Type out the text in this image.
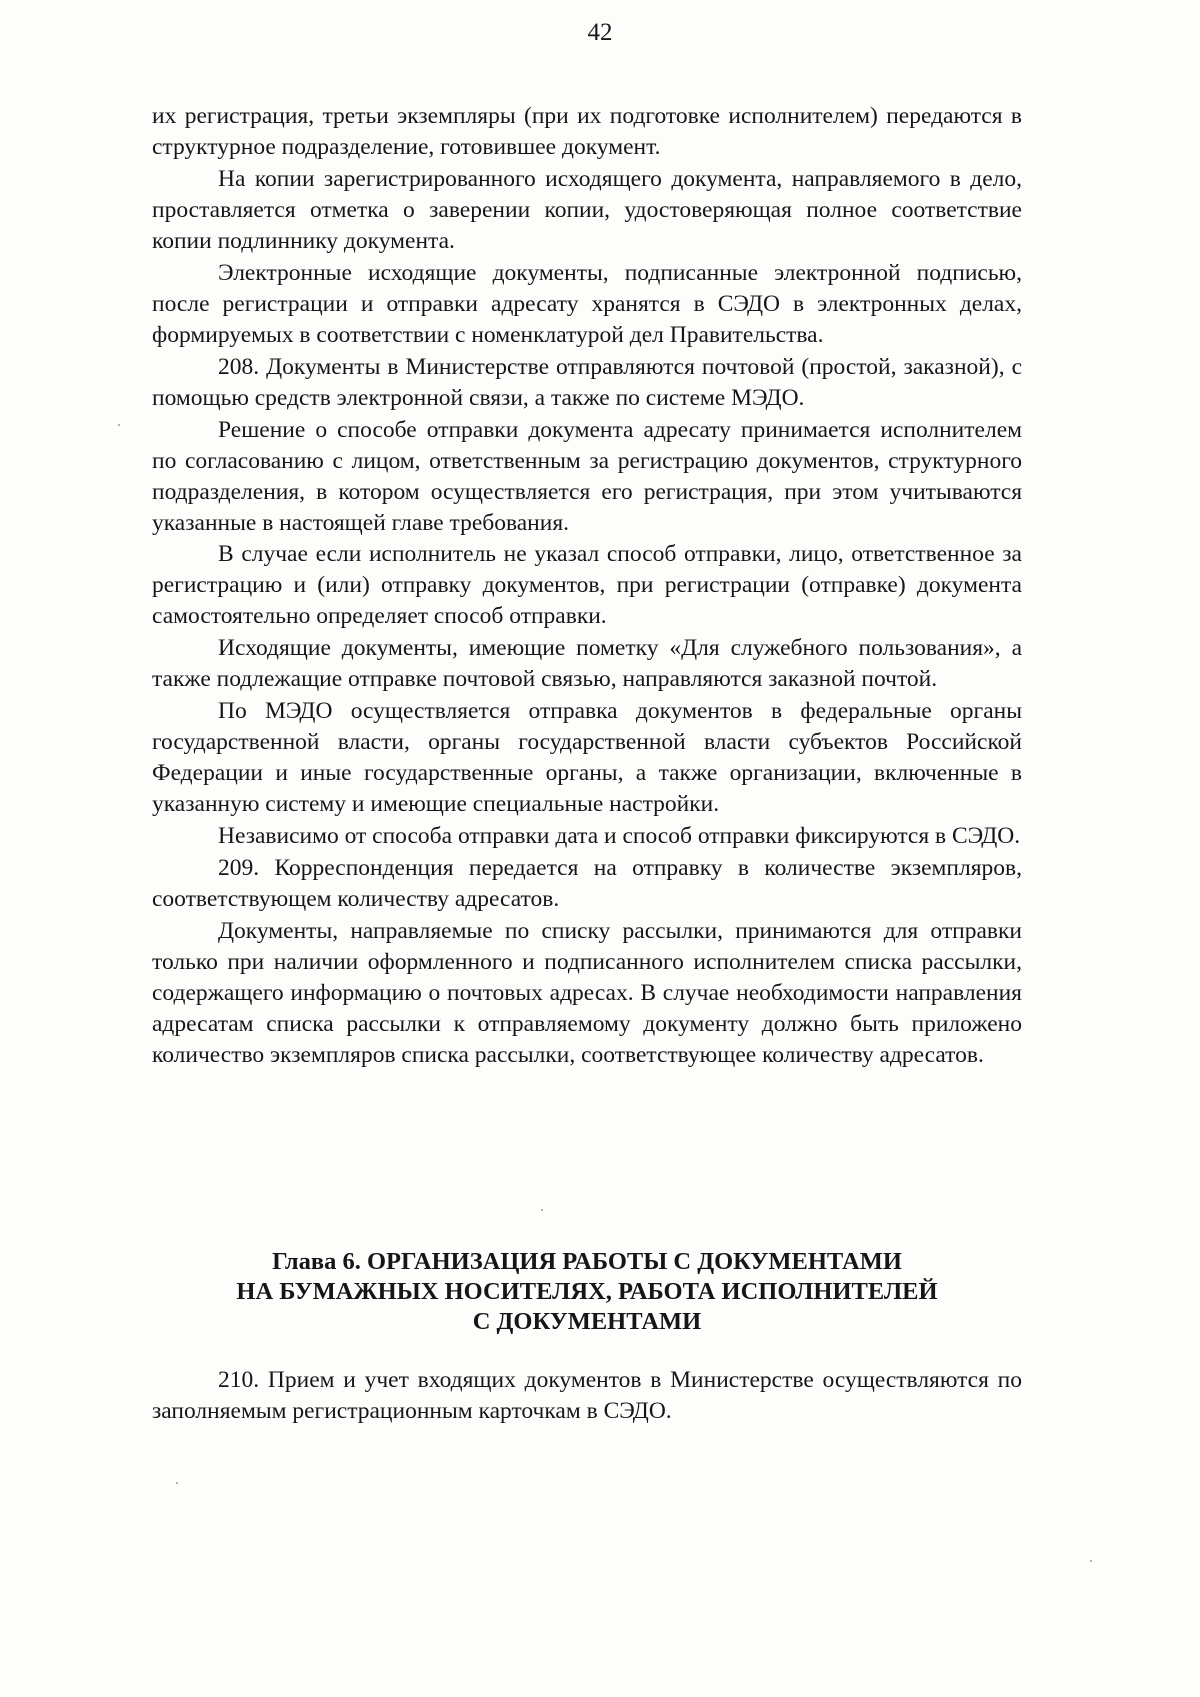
42

их регистрация, третьи экземпляры (при их подготовке исполнителем) передаются в структурное подразделение, готовившее документ.

На копии зарегистрированного исходящего документа, направляемого в дело, проставляется отметка о заверении копии, удостоверяющая полное соответствие копии подлиннику документа.

Электронные исходящие документы, подписанные электронной подписью, после регистрации и отправки адресату хранятся в СЭДО в электронных делах, формируемых в соответствии с номенклатурой дел Правительства.

208. Документы в Министерстве отправляются почтовой (простой, заказной), с помощью средств электронной связи, а также по системе МЭДО.

Решение о способе отправки документа адресату принимается исполнителем по согласованию с лицом, ответственным за регистрацию документов, структурного подразделения, в котором осуществляется его регистрация, при этом учитываются указанные в настоящей главе требования.

В случае если исполнитель не указал способ отправки, лицо, ответственное за регистрацию и (или) отправку документов, при регистрации (отправке) документа самостоятельно определяет способ отправки.

Исходящие документы, имеющие пометку «Для служебного пользования», а также подлежащие отправке почтовой связью, направляются заказной почтой.

По МЭДО осуществляется отправка документов в федеральные органы государственной власти, органы государственной власти субъектов Российской Федерации и иные государственные органы, а также организации, включенные в указанную систему и имеющие специальные настройки.

Независимо от способа отправки дата и способ отправки фиксируются в СЭДО.

209. Корреспонденция передается на отправку в количестве экземпляров, соответствующем количеству адресатов.

Документы, направляемые по списку рассылки, принимаются для отправки только при наличии оформленного и подписанного исполнителем списка рассылки, содержащего информацию о почтовых адресах. В случае необходимости направления адресатам списка рассылки к отправляемому документу должно быть приложено количество экземпляров списка рассылки, соответствующее количеству адресатов.

Глава 6. ОРГАНИЗАЦИЯ РАБОТЫ С ДОКУМЕНТАМИ
НА БУМАЖНЫХ НОСИТЕЛЯХ, РАБОТА ИСПОЛНИТЕЛЕЙ
С ДОКУМЕНТАМИ

210. Прием и учет входящих документов в Министерстве осуществляются по заполняемым регистрационным карточкам в СЭДО.
